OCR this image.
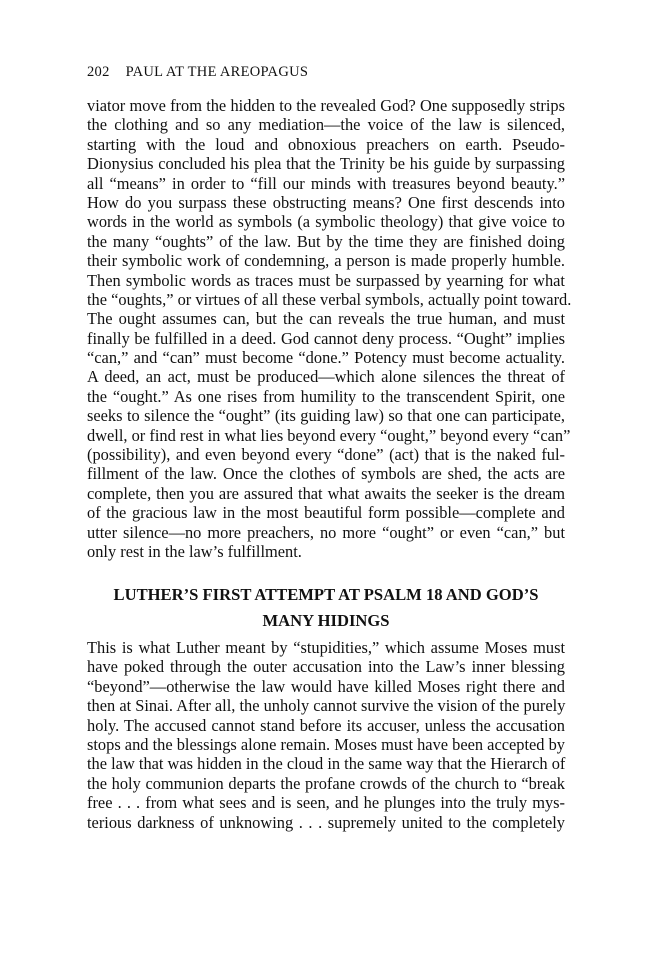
202 PAUL AT THE AREOPAGUS
viator move from the hidden to the revealed God? One supposedly strips
the clothing and so any mediation—the voice of the law is silenced,
starting with the loud and obnoxious preachers on earth. Pseudo-
Dionysius concluded his plea that the Trinity be his guide by surpassing
all “means” in order to “fill our minds with treasures beyond beauty.”
How do you surpass these obstructing means? One first descends into
words in the world as symbols (a symbolic theology) that give voice to
the many “oughts” of the law. But by the time they are finished doing
their symbolic work of condemning, a person is made properly humble.
Then symbolic words as traces must be surpassed by yearning for what
the “oughts,” or virtues of all these verbal symbols, actually point toward.
The ought assumes can, but the can reveals the true human, and must
finally be fulfilled in a deed. God cannot deny process. “Ought” implies
“can,” and “can” must become “done.” Potency must become actuality.
A deed, an act, must be produced—which alone silences the threat of
the “ought.” As one rises from humility to the transcendent Spirit, one
seeks to silence the “ought” (its guiding law) so that one can participate,
dwell, or find rest in what lies beyond every “ought,” beyond every “can”
(possibility), and even beyond every “done” (act) that is the naked ful-
fillment of the law. Once the clothes of symbols are shed, the acts are
complete, then you are assured that what awaits the seeker is the dream
of the gracious law in the most beautiful form possible—complete and
utter silence—no more preachers, no more “ought” or even “can,” but
only rest in the law’s fulfillment.
LUTHER’S FIRST ATTEMPT AT PSALM 18 AND GOD’S
MANY HIDINGS
This is what Luther meant by “stupidities,” which assume Moses must
have poked through the outer accusation into the Law’s inner blessing
“beyond”—otherwise the law would have killed Moses right there and
then at Sinai. After all, the unholy cannot survive the vision of the purely
holy. The accused cannot stand before its accuser, unless the accusation
stops and the blessings alone remain. Moses must have been accepted by
the law that was hidden in the cloud in the same way that the Hierarch of
the holy communion departs the profane crowds of the church to “break
free . . . from what sees and is seen, and he plunges into the truly mys-
terious darkness of unknowing . . . supremely united to the completely
